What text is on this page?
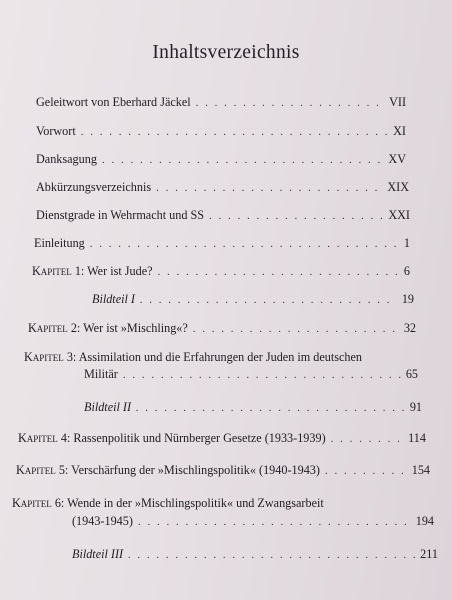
Inhaltsverzeichnis
Geleitwort von Eberhard Jäckel . . .	VII
Vorwort . . .	XI
Danksagung . . .	XV
Abkürzungsverzeichnis . . .	XIX
Dienstgrade in Wehrmacht und SS . . .	XXI
Einleitung . . .	1
Kapitel 1: Wer ist Jude? . . .	6
Bildteil I . . .	19
Kapitel 2: Wer ist »Mischling«? . . .	32
Kapitel 3: Assimilation und die Erfahrungen der Juden im deutschen
Militär . . .	65
Bildteil II . . .	91
Kapitel 4: Rassenpolitik und Nürnberger Gesetze (1933-1939) . . .	114
Kapitel 5: Verschärfung der »Mischlingspolitik« (1940-1943) . . .	154
Kapitel 6: Wende in der »Mischlingspolitik« und Zwangsarbeit
(1943-1945) . . .	194
Bildteil III . . .	211
